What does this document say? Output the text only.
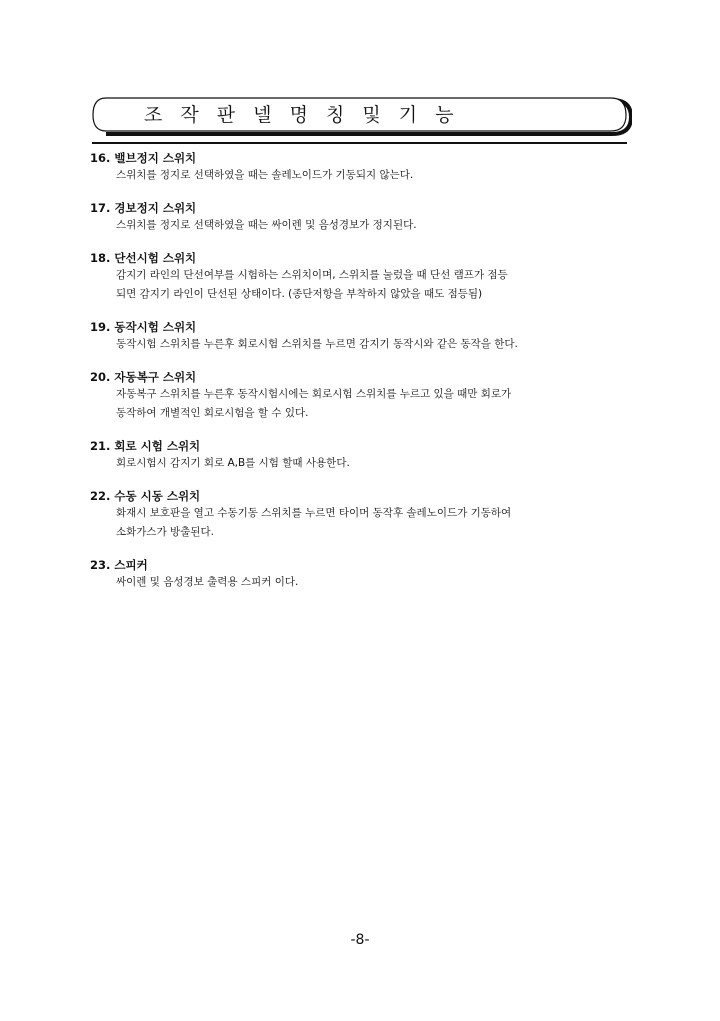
조 작 판 넬 명 칭 및 기 능
16. 밸브정지 스위치
스위치를 정지로 선택하였을 때는 솔레노이드가 기동되지 않는다.
17. 경보정지 스위치
스위치를 정지로 선택하였을 때는 싸이렌 및 음성경보가 정지된다.
18. 단선시험 스위치
감지기 라인의 단선여부를 시험하는 스위치이며, 스위치를 눌렀을 때 단선 램프가 점등
되면 감지기 라인이 단선된 상태이다. (종단저항을 부착하지 않았을 때도 점등됨)
19. 동작시험 스위치
동작시험 스위치를 누른후 회로시험 스위치를 누르면 감지기 동작시와 같은 동작을 한다.
20. 자동복구 스위치
자동복구 스위치를 누른후 동작시험시에는 회로시험 스위치를 누르고 있을 때만 회로가
동작하여 개별적인 회로시험을 할 수 있다.
21. 회로 시험 스위치
회로시험시 감지기 회로 A,B를 시험 할때 사용한다.
22. 수동 시동 스위치
화재시 보호판을 열고 수동기동 스위치를 누르면 타이머 동작후 솔레노이드가 기동하여
소화가스가 방출된다.
23. 스피커
싸이렌 및 음성경보 출력용 스피커 이다.
-8-
